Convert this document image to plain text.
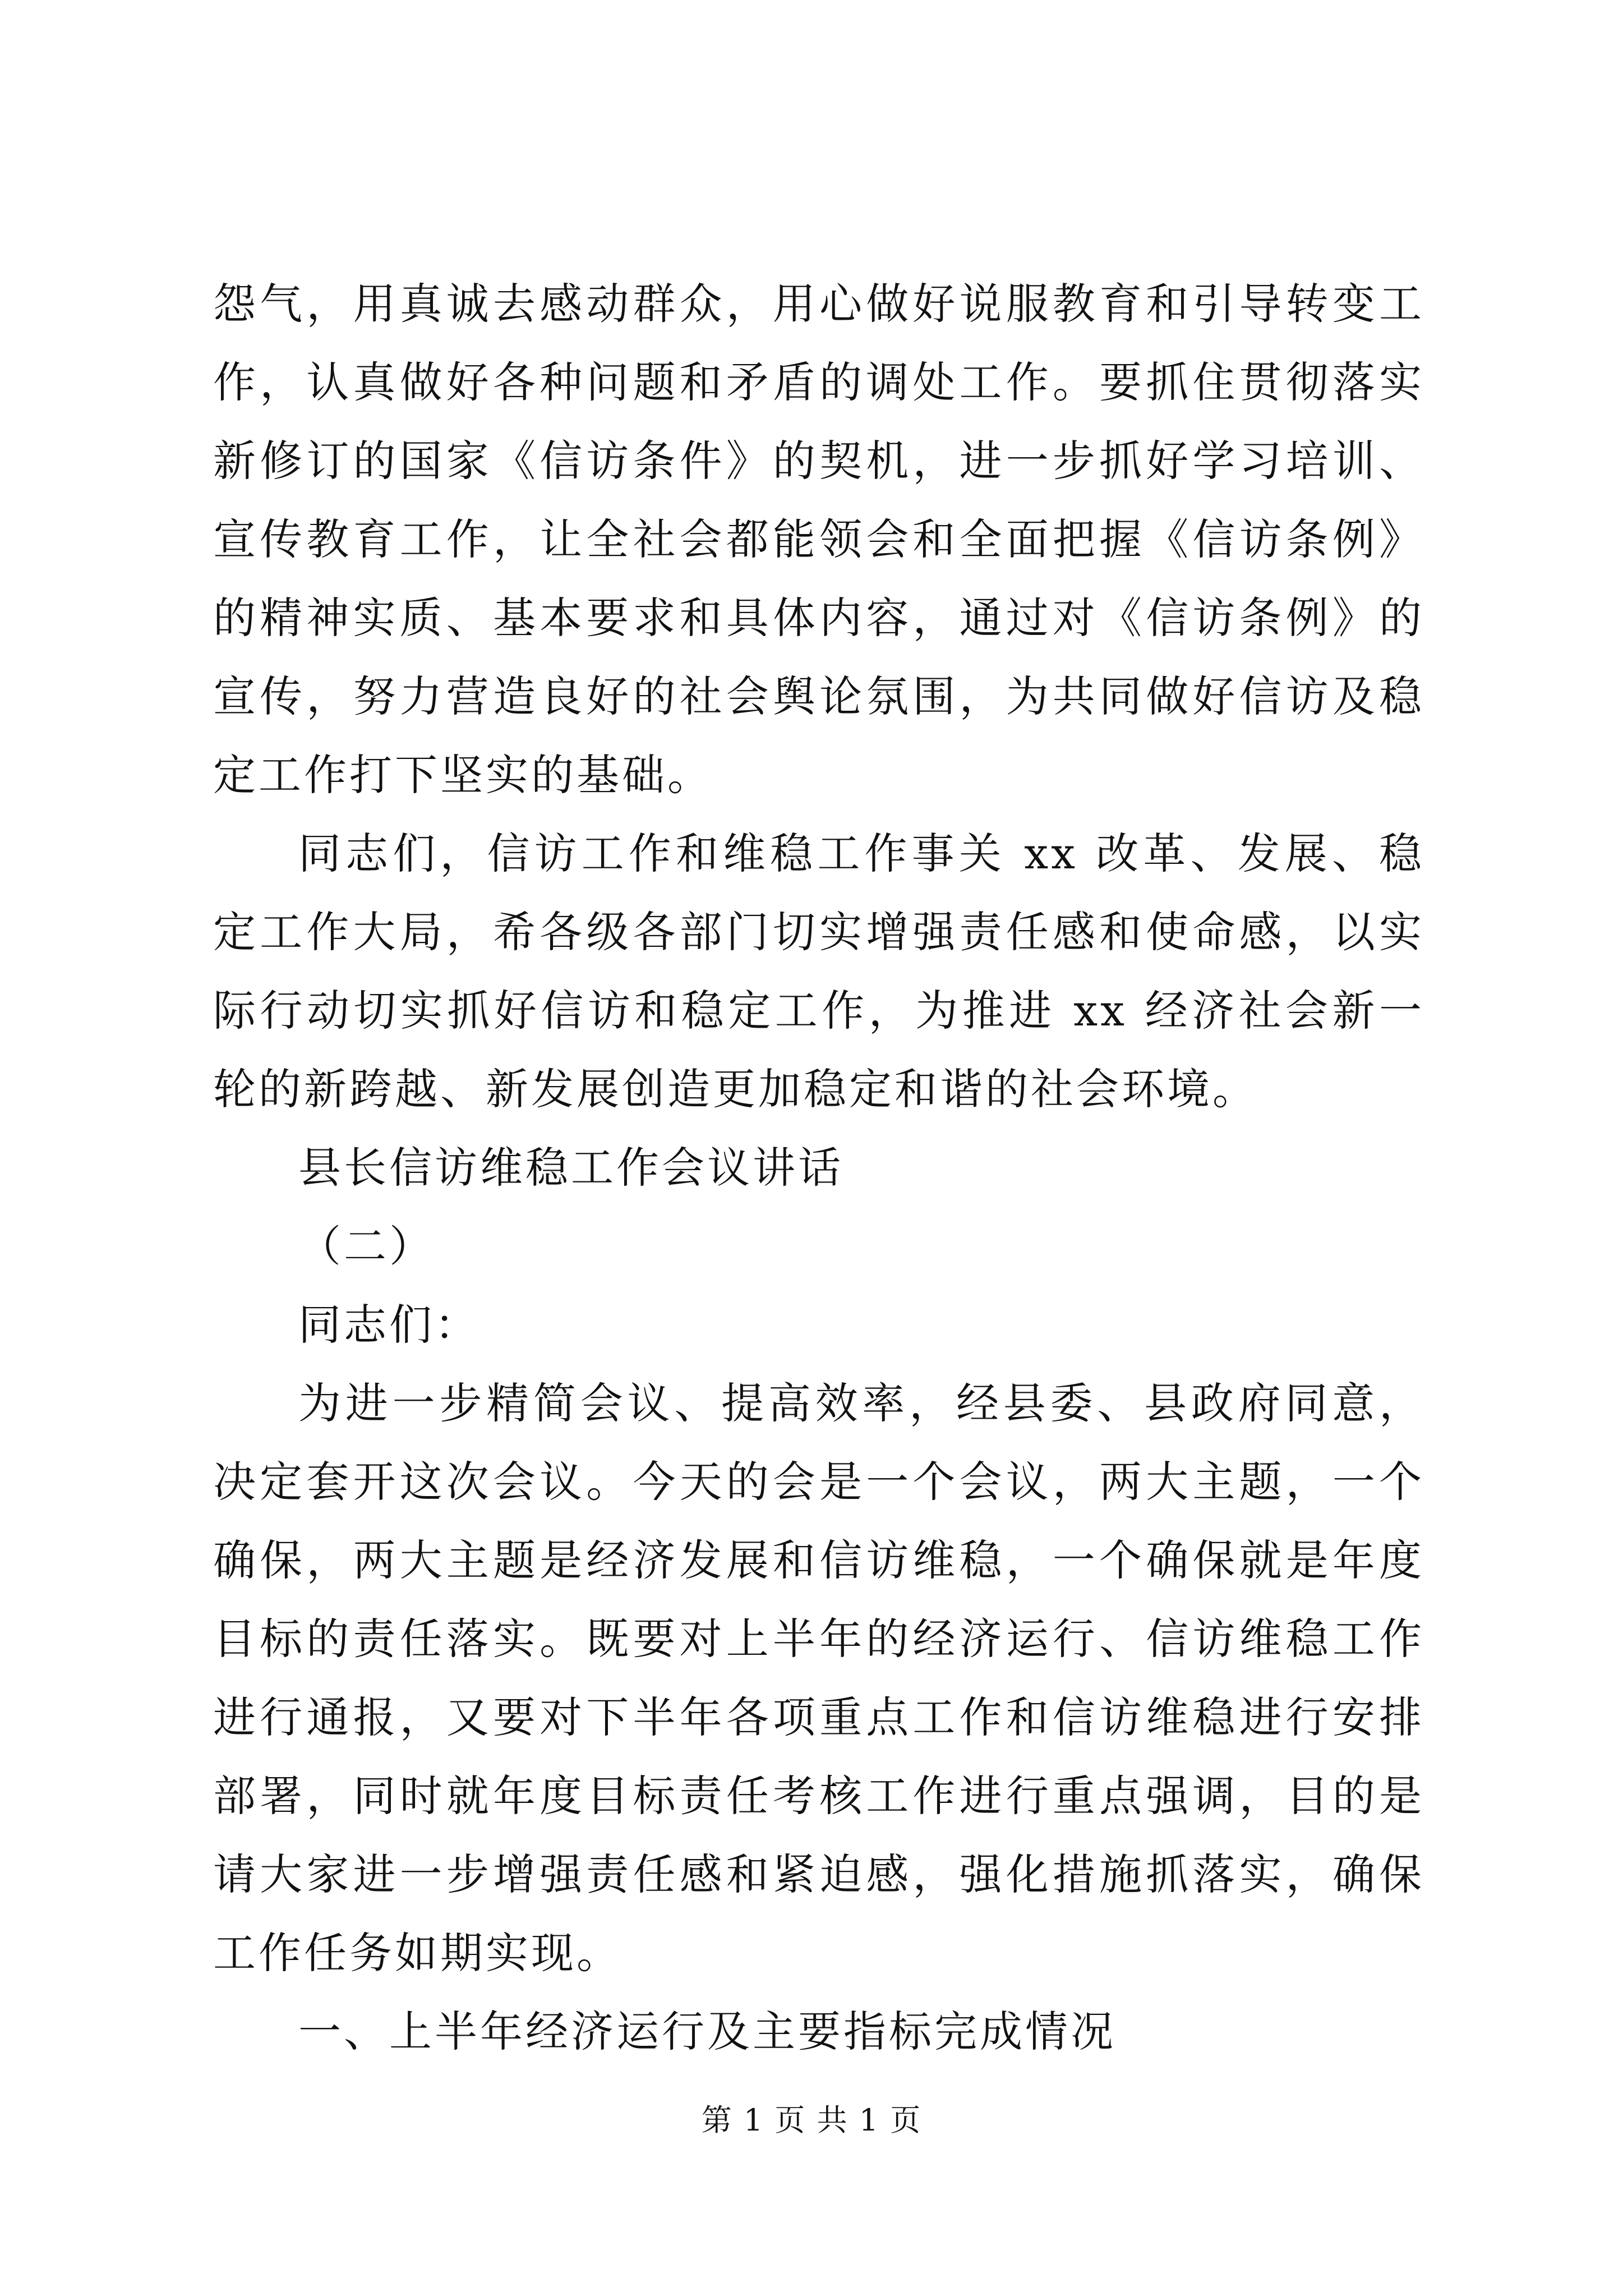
怨气，用真诚去感动群众，用心做好说服教育和引导转变工作，认真做好各种问题和矛盾的调处工作。要抓住贯彻落实新修订的国家《信访条件》的契机，进一步抓好学习培训、宣传教育工作，让全社会都能领会和全面把握《信访条例》的精神实质、基本要求和具体内容，通过对《信访条例》的宣传，努力营造良好的社会舆论氛围，为共同做好信访及稳定工作打下坚实的基础。

同志们，信访工作和维稳工作事关 xx 改革、发展、稳定工作大局，希各级各部门切实增强责任感和使命感，以实际行动切实抓好信访和稳定工作，为推进 xx 经济社会新一轮的新跨越、新发展创造更加稳定和谐的社会环境。

县长信访维稳工作会议讲话

（二）

同志们：

为进一步精简会议、提高效率，经县委、县政府同意，决定套开这次会议。今天的会是一个会议，两大主题，一个确保，两大主题是经济发展和信访维稳，一个确保就是年度目标的责任落实。既要对上半年的经济运行、信访维稳工作进行通报，又要对下半年各项重点工作和信访维稳进行安排部署，同时就年度目标责任考核工作进行重点强调，目的是请大家进一步增强责任感和紧迫感，强化措施抓落实，确保工作任务如期实现。

一、上半年经济运行及主要指标完成情况

第 1 页 共 1 页
